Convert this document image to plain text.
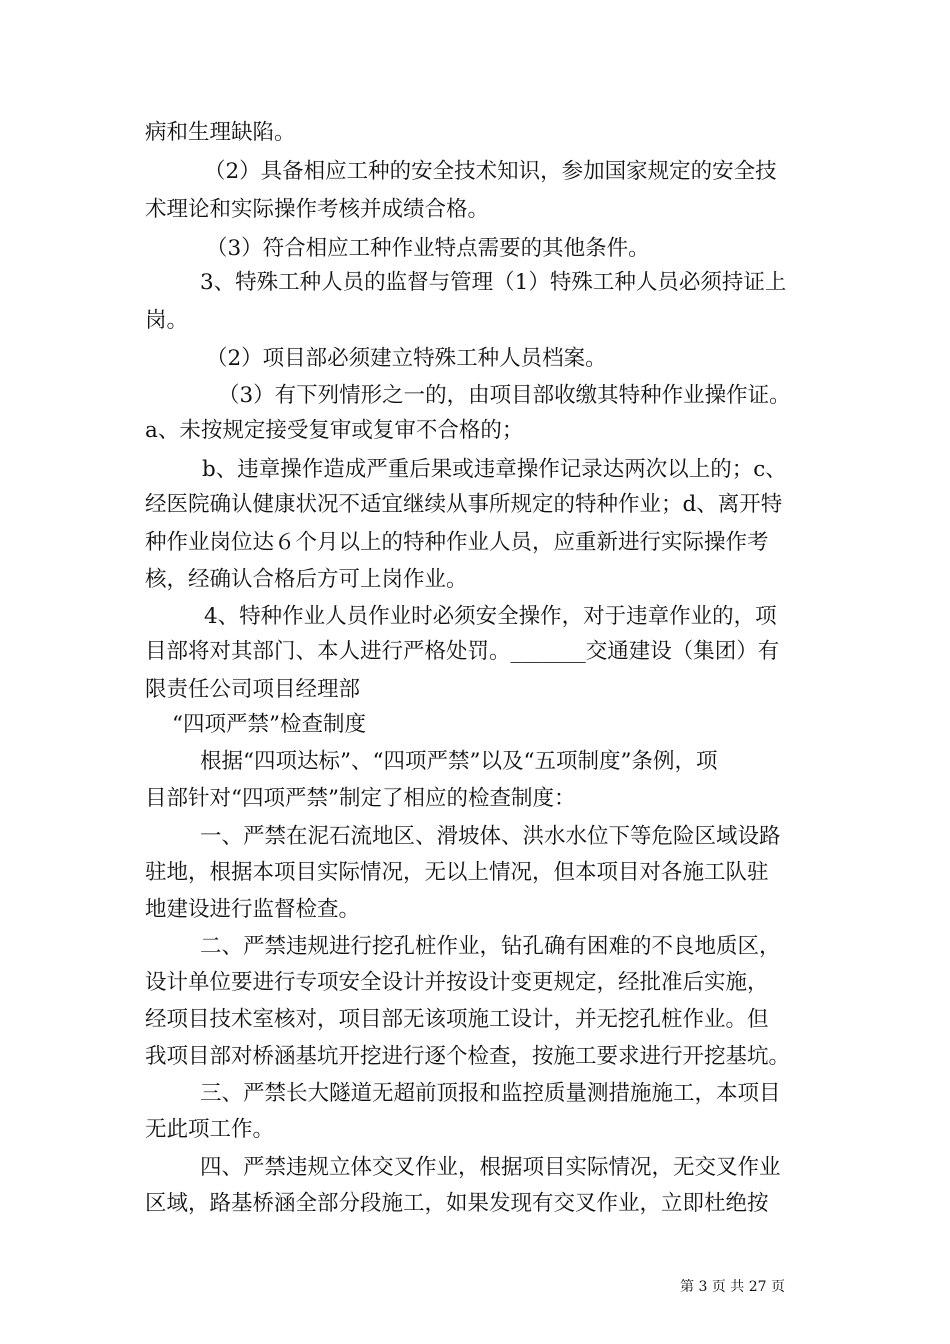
病和生理缺陷。
（2）具备相应工种的安全技术知识，参加国家规定的安全技
术理论和实际操作考核并成绩合格。
（3）符合相应工种作业特点需要的其他条件。
3、特殊工种人员的监督与管理（1）特殊工种人员必须持证上
岗。
（2）项目部必须建立特殊工种人员档案。
（3）有下列情形之一的，由项目部收缴其特种作业操作证。
a、未按规定接受复审或复审不合格的；
b、违章操作造成严重后果或违章操作记录达两次以上的；c、
经医院确认健康状况不适宜继续从事所规定的特种作业；d、离开特
种作业岗位达６个月以上的特种作业人员，应重新进行实际操作考
核，经确认合格后方可上岗作业。
4、特种作业人员作业时必须安全操作，对于违章作业的，项
目部将对其部门、本人进行严格处罚。_______交通建设（集团）有
限责任公司项目经理部
“四项严禁”检查制度
根据“四项达标”、“四项严禁”以及“五项制度”条例，项
目部针对“四项严禁”制定了相应的检查制度：
一、严禁在泥石流地区、滑坡体、洪水水位下等危险区域设路
驻地，根据本项目实际情况，无以上情况，但本项目对各施工队驻
地建设进行监督检查。
二、严禁违规进行挖孔桩作业，钻孔确有困难的不良地质区，
设计单位要进行专项安全设计并按设计变更规定，经批准后实施，
经项目技术室核对，项目部无该项施工设计，并无挖孔桩作业。但
我项目部对桥涵基坑开挖进行逐个检查，按施工要求进行开挖基坑。
三、严禁长大隧道无超前顶报和监控质量测措施施工，本项目
无此项工作。
四、严禁违规立体交叉作业，根据项目实际情况，无交叉作业
区域，路基桥涵全部分段施工，如果发现有交叉作业，立即杜绝按
第 3 页 共 27 页
